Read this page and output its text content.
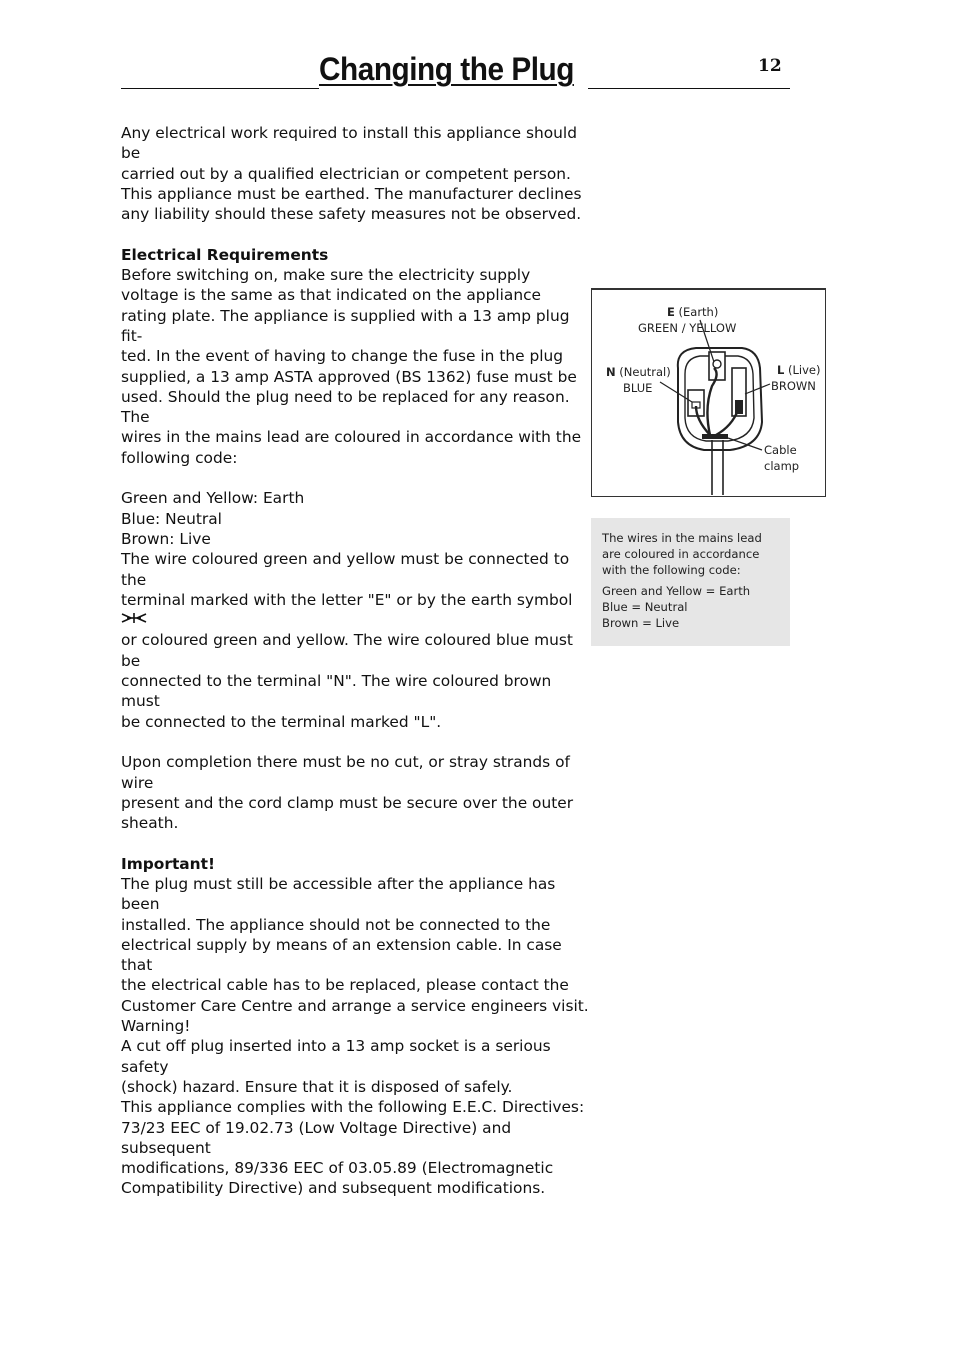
Changing the Plug	12

Any electrical work required to install this appliance should be

carried out by a qualified electrician or competent person.

This appliance must be earthed. The manufacturer declines

any liability should these safety measures not be observed.

Electrical Requirements

Before switching on, make sure the electricity supply

voltage is the same as that indicated on the appliance

rating plate. The appliance is supplied with a 13 amp plug fit-

ted. In the event of having to change the fuse in the plug

supplied, a 13 amp ASTA approved (BS 1362) fuse must be

used. Should the plug need to be replaced for any reason. The

wires in the mains lead are coloured in accordance with the

following code:

Green and Yellow: Earth

Blue: Neutral

Brown: Live

The wire coloured green and yellow must be connected to the

terminal marked with the letter "E" or by the earth symbol

or coloured green and yellow. The wire coloured blue must be

connected to the terminal "N". The wire coloured brown must

be connected to the terminal marked "L".

Upon completion there must be no cut, or stray strands of wire

present and the cord clamp must be secure over the outer

sheath.

Important!

The plug must still be accessible after the appliance has been

installed. The appliance should not be connected to the

electrical supply by means of an extension cable. In case that

the electrical cable has to be replaced, please contact the

Customer Care Centre and arrange a service engineers visit.

Warning!

A cut off plug inserted into a 13 amp socket is a serious safety

(shock) hazard. Ensure that it is disposed of safely.

This appliance complies with the following E.E.C. Directives:

73/23 EEC of 19.02.73 (Low Voltage Directive) and subsequent

modifications, 89/336 EEC of 03.05.89 (Electromagnetic

Compatibility Directive) and subsequent modifications.

E (Earth)
GREEN / YELLOW
N (Neutral)
BLUE
L (Live)
BROWN
Cable
clamp

The wires in the mains lead

are coloured in accordance

with the following code:

Green and Yellow = Earth

Blue = Neutral

Brown = Live
